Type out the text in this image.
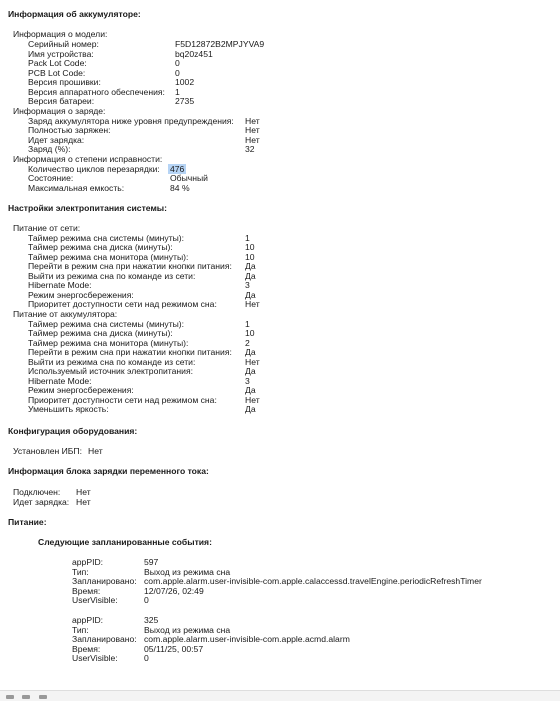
Информация об аккумуляторе:
Информация о модели:
Серийный номер:	F5D12872B2MPJYVA9
Имя устройства:	bq20z451
Pack Lot Code:	0
PCB Lot Code:	0
Версия прошивки:	1002
Версия аппаратного обеспечения: 1
Версия батареи:	2735
Информация о заряде:
Заряд аккумулятора ниже уровня предупреждения: Нет
Полностью заряжен:	Нет
Идет зарядка:	Нет
Заряд (%):	32
Информация о степени исправности:
Количество циклов перезарядки: 476
Состояние:	Обычный
Максимальная емкость:	84 %
Настройки электропитания системы:
Питание от сети:
Таймер режима сна системы (минуты):	1
Таймер режима сна диска (минуты):	10
Таймер режима сна монитора (минуты):	10
Перейти в режим сна при нажатии кнопки питания: Да
Выйти из режима сна по команде из сети:	Да
Hibernate Mode:	3
Режим энергосбережения:	Да
Приоритет доступности сети над режимом сна:	Нет
Питание от аккумулятора:
Таймер режима сна системы (минуты):	1
Таймер режима сна диска (минуты):	10
Таймер режима сна монитора (минуты):	2
Перейти в режим сна при нажатии кнопки питания: Да
Выйти из режима сна по команде из сети:	Нет
Используемый источник электропитания:	Да
Hibernate Mode:	3
Режим энергосбережения:	Да
Приоритет доступности сети над режимом сна:	Нет
Уменьшить яркость:	Да
Конфигурация оборудования:
Установлен ИБП: Нет
Информация блока зарядки переменного тока:
Подключен: Нет
Идет зарядка: Нет
Питание:
Следующие запланированные события:
appPID:	597
Тип:	Выход из режима сна
Запланировано: com.apple.alarm.user-invisible-com.apple.calaccessd.travelEngine.periodicRefreshTimer
Время:	12/07/26, 02:49
UserVisible:	0
appPID:	325
Тип:	Выход из режима сна
Запланировано: com.apple.alarm.user-invisible-com.apple.acmd.alarm
Время:	05/11/25, 00:57
UserVisible:	0
